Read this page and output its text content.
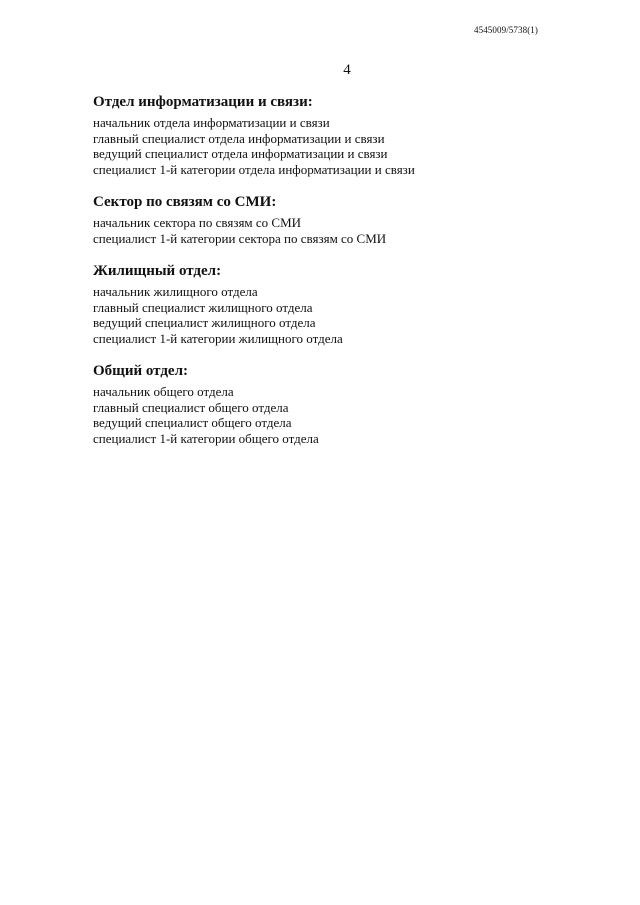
4545009/5738(1)
4
Отдел информатизации и связи:
начальник отдела информатизации и связи
главный специалист отдела информатизации и связи
ведущий специалист отдела информатизации и связи
специалист 1-й категории отдела информатизации и связи
Сектор по связям со СМИ:
начальник сектора по связям со СМИ
специалист 1-й категории сектора по связям со СМИ
Жилищный отдел:
начальник жилищного отдела
главный специалист жилищного отдела
ведущий специалист жилищного отдела
специалист 1-й категории жилищного отдела
Общий отдел:
начальник общего отдела
главный специалист общего отдела
ведущий специалист общего отдела
специалист 1-й категории общего отдела
